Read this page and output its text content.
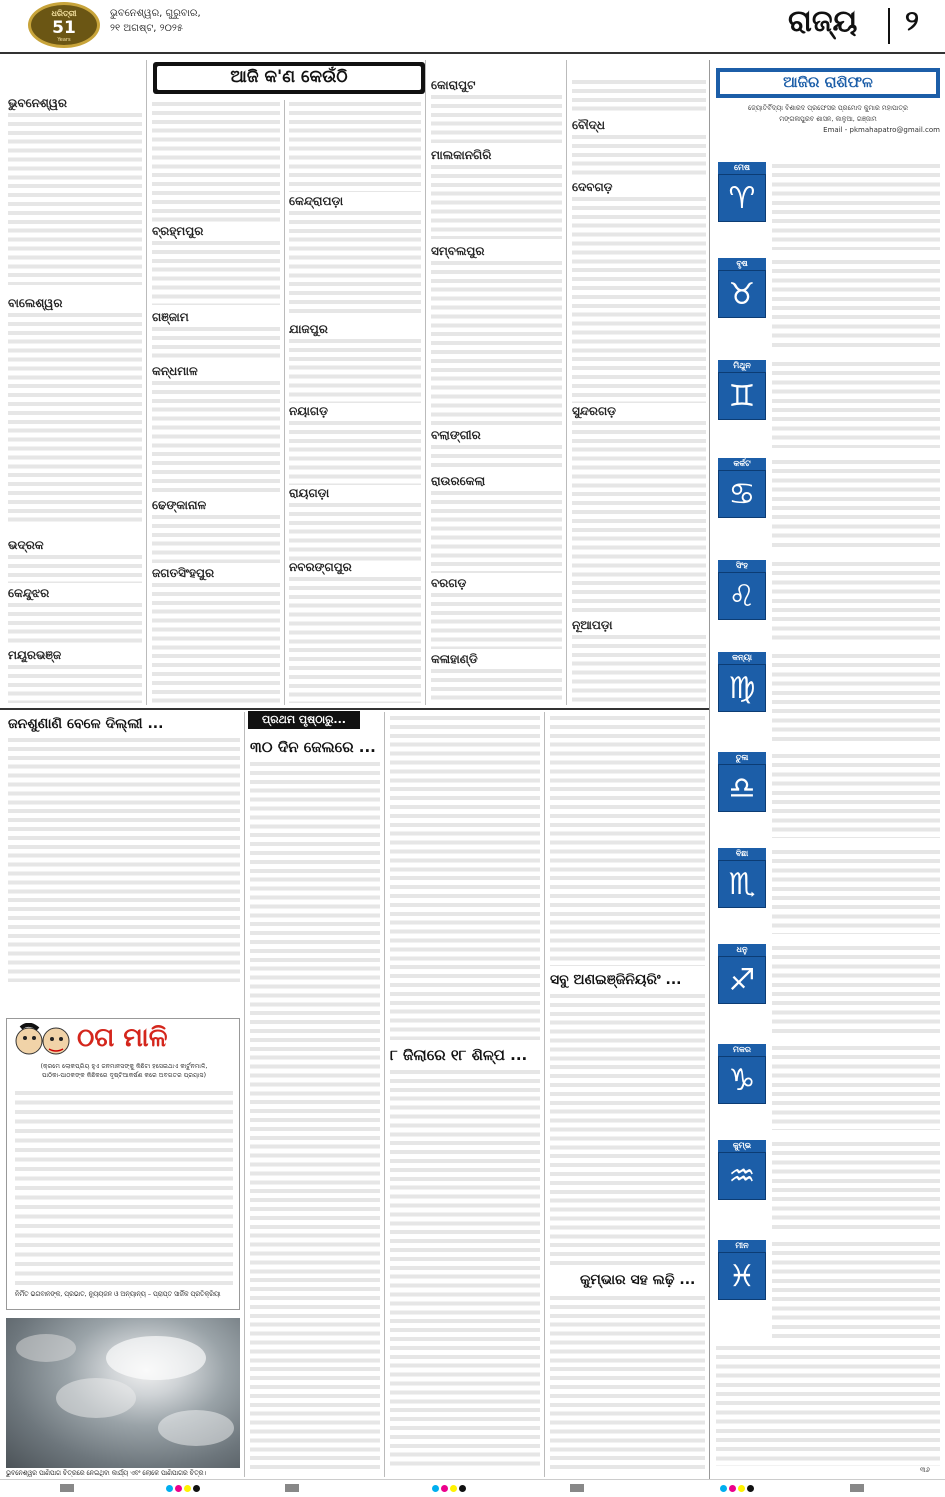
ଧରିତ୍ରୀ
51
Years
ଭୁବନେଶ୍ୱର, ଗୁରୁବାର,
୨୧ ଅଗଷ୍ଟ, ୨୦୨୫	ରାଜ୍ୟ ୨
ଆଜି କ'ଣ କେଉଁଠି
ଭୁବନେଶ୍ୱର
ବାଲେଶ୍ୱର
ଭଦ୍ରକ
କେନ୍ଦୁଝର
ମୟୂରଭଞ୍ଜ
ବ୍ରହ୍ମପୁର
ଗଞ୍ଜାମ
କନ୍ଧମାଳ
ଢେଙ୍କାନାଳ
ଜଗତସିଂହପୁର
କେନ୍ଦ୍ରାପଡ଼ା
ଯାଜପୁର
ନୟାଗଡ଼
ରାୟଗଡ଼ା
ନବରଙ୍ଗପୁର
କୋରାପୁଟ
ମାଲକାନଗିରି
ସମ୍ବଲପୁର
ବଲାଙ୍ଗୀର
ରାଉରକେଲା
ବରଗଡ଼
କଳାହାଣ୍ଡି
ବୌଦ୍ଧ
ଦେବଗଡ଼
ସୁନ୍ଦରଗଡ଼
ନୂଆପଡ଼ା
ଆଜିର ରାଶିଫଳ
ଜ୍ୟୋତିର୍ବିଦ୍ୟା ବିଶାରଦ ପ୍ରଫେସର ପ୍ରମୋଦ କୁମାର ମହାପାତ୍ର
ମଙ୍ଗଳାପୁରବ ଶାସନ, କାଳୁଆ, ଗଞ୍ଜାମ
Email - pkmahapatro@gmail.com
♈
ମେଷ
♉
ବୃଷ
♊
ମିଥୁନ
♋
କର୍କଟ
♌
ସିଂହ
♍
କନ୍ୟା
♎
ତୁଳା
♏
ବିଛା
♐
ଧନୁ
♑
ମକର
♒
କୁମ୍ଭ
♓
ମୀନ
ପ୍ରଥମ ପୃଷ୍ଠାରୁ...
ଜନଶୁଣାଣି ବେଳେ ଦିଲ୍ଲୀ ...
୩୦ ଦିନ ଜେଲରେ ...
୮ ଜିଲାରେ ୧୮ ଶିଳ୍ପ ...
ସବୁ ଅଣଇଞ୍ଜିନିୟରିଂ ...
କୁମ୍ଭାର ସହ ଲଢ଼ି ...
ଠଗ ମାଳି
(କ୍ରମେ ଲୋକପ୍ରିୟ ହୁଏ ଜନମାନସଙ୍କୁ କିଛିଟା ହସେଇଥାଏ କାର୍ଟୁନମାଳି,
ପାଠିକା-ପାଠକଙ୍କ କିଛିକରେ ଦୃଷ୍ଟିଆକର୍ଷଣ କରେ ଅବଗତର ପ୍ରୟାସ)
ନିର୍ମିତ ଭଗବାନଙ୍କ, ପ୍ରଭାତ, ନ୍ୟୁୟଜନ ଓ ଅନ୍ୟାନ୍ୟ – ପ୍ରାପ୍ତ ସାର୍ଜିକ ପ୍ରତିକ୍ରିୟା
ଭୁବନେଶ୍ୱର ପାଣିପାଗ ଚିତ୍ରରେ ନେଇଥିବା କାର୍ଯ୍ୟ ଏବଂ ଲୋକେ ପାଣିପାଗର ଚିତ୍ର।	୩୬
